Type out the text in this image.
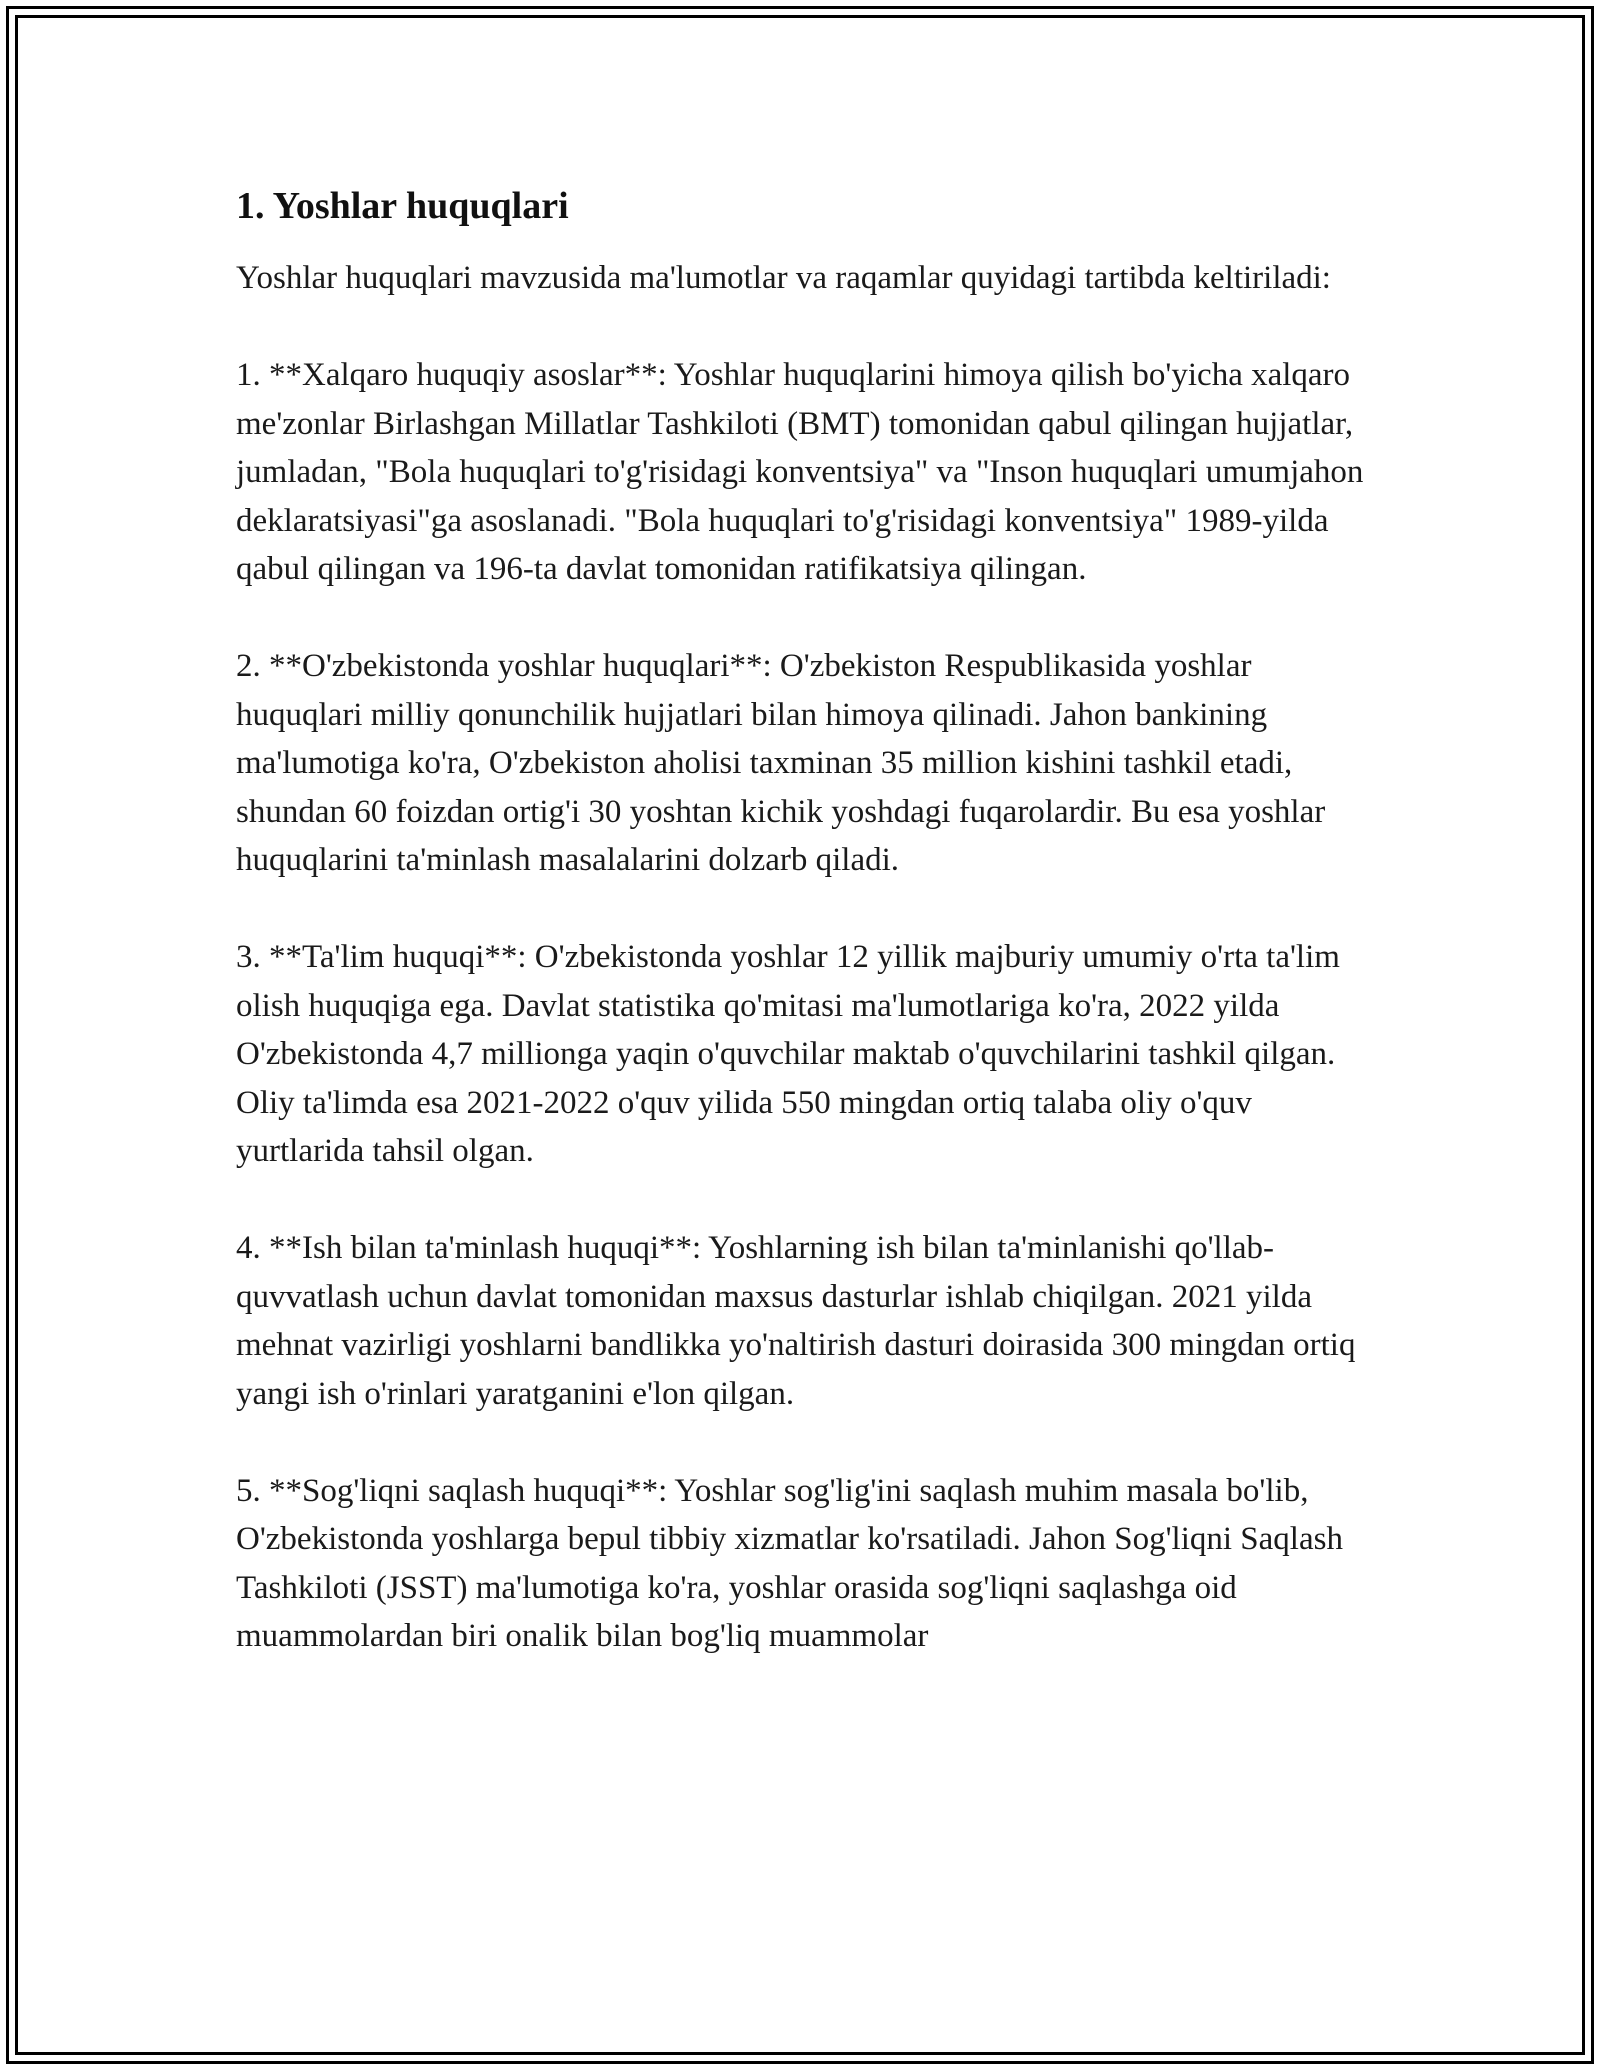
1. Yoshlar huquqlari

Yoshlar huquqlari mavzusida ma'lumotlar va raqamlar quyidagi tartibda keltiriladi:

1. **Xalqaro huquqiy asoslar**: Yoshlar huquqlarini himoya qilish bo'yicha xalqaro me'zonlar Birlashgan Millatlar Tashkiloti (BMT) tomonidan qabul qilingan hujjatlar, jumladan, "Bola huquqlari to'g'risidagi konventsiya" va "Inson huquqlari umumjahon deklaratsiyasi"ga asoslanadi. "Bola huquqlari to'g'risidagi konventsiya" 1989-yilda qabul qilingan va 196-ta davlat tomonidan ratifikatsiya qilingan.

2. **O'zbekistonda yoshlar huquqlari**: O'zbekiston Respublikasida yoshlar huquqlari milliy qonunchilik hujjatlari bilan himoya qilinadi. Jahon bankining ma'lumotiga ko'ra, O'zbekiston aholisi taxminan 35 million kishini tashkil etadi, shundan 60 foizdan ortig'i 30 yoshtan kichik yoshdagi fuqarolardir. Bu esa yoshlar huquqlarini ta'minlash masalalarini dolzarb qiladi.

3. **Ta'lim huquqi**: O'zbekistonda yoshlar 12 yillik majburiy umumiy o'rta ta'lim olish huquqiga ega. Davlat statistika qo'mitasi ma'lumotlariga ko'ra, 2022 yilda O'zbekistonda 4,7 millionga yaqin o'quvchilar maktab o'quvchilarini tashkil qilgan. Oliy ta'limda esa 2021-2022 o'quv yilida 550 mingdan ortiq talaba oliy o'quv yurtlarida tahsil olgan.

4. **Ish bilan ta'minlash huquqi**: Yoshlarning ish bilan ta'minlanishi qo'llab-quvvatlash uchun davlat tomonidan maxsus dasturlar ishlab chiqilgan. 2021 yilda mehnat vazirligi yoshlarni bandlikka yo'naltirish dasturi doirasida 300 mingdan ortiq yangi ish o'rinlari yaratganini e'lon qilgan.

5. **Sog'liqni saqlash huquqi**: Yoshlar sog'lig'ini saqlash muhim masala bo'lib, O'zbekistonda yoshlarga bepul tibbiy xizmatlar ko'rsatiladi. Jahon Sog'liqni Saqlash Tashkiloti (JSST) ma'lumotiga ko'ra, yoshlar orasida sog'liqni saqlashga oid muammolardan biri onalik bilan bog'liq muammolar
